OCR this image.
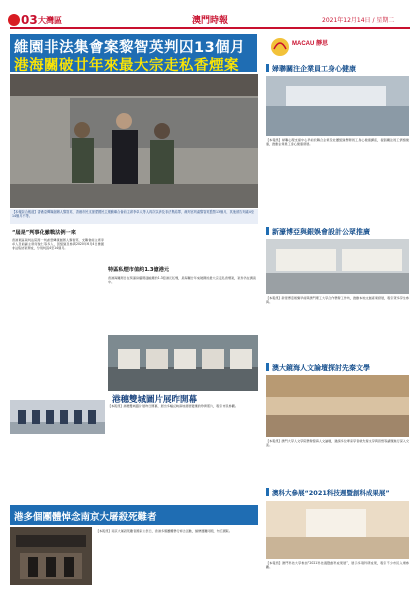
03 大灣區	澳門時報	2021年12月14日 / 星期二
維園非法集會案黎智英判囚13個月
港海關破廿年來最大宗走私香煙案
【本報綜合報道】香港壹傳媒創辦人黎智英、香港市民支援愛國民主運動聯合會前主席李卓人等人再次以涉及非法集結罪，裁判官判處黎智英監禁13個月，其他被告判處4至14個月不等。
“屆是”判事化雖戰法例一來
香港東區裁判法院周一判處壹傳媒創辦人黎智英、支聯會前主席李卓人及前副主席何俊仁等多人，因組織及參與2020年6月4日維園非法集結案罪成，分別判囚4至14個月。
特區私煙市值約1.3億港元
香港海關周日在葵涌貨櫃碼頭檢獲約1.3億港元私煙，是海關廿年來破獲的最大宗走私香煙案，案件仍在調查中。
港穗雙城圖片展昨開幕
【本報訊】港穗雙城圖片展昨日開幕，展出多幅反映兩地發展變遷的珍貴照片，吸引市民參觀。
港多個團體悼念南京大屠殺死難者
【本報訊】南京大屠殺死難者國家公祭日，香港多個團體舉行悼念活動，緬懷遇難同胞，勿忘國恥。
MACAU 靜思
婦聯關注企業員工身心健康
【本報訊】婦聯心理支援中心早前於聯合企業及社團組織舉辦員工身心健康講座，提倡關注員工情緒健康，推動企業員工身心健康發展。
新濠博亞與銀娛會設計公眾推廣
【本報訊】新濠博亞娛樂早前與澳門理工大學合作舉辦工作坊，推動本地文創產業發展，吸引眾多學生參與。
澳大鏡海人文論壇探討先秦文學
【本報訊】澳門大學人文學院舉辦鏡海人文論壇，邀請多位專家學者就先秦文學與思想等議題進行深入交流。
澳科大參展“2021科技週暨創科成果展”
【本報訊】澳門科技大學參加“2021科技週暨創科成果展”，展示多項科研成果，吸引不少市民入場參觀。
